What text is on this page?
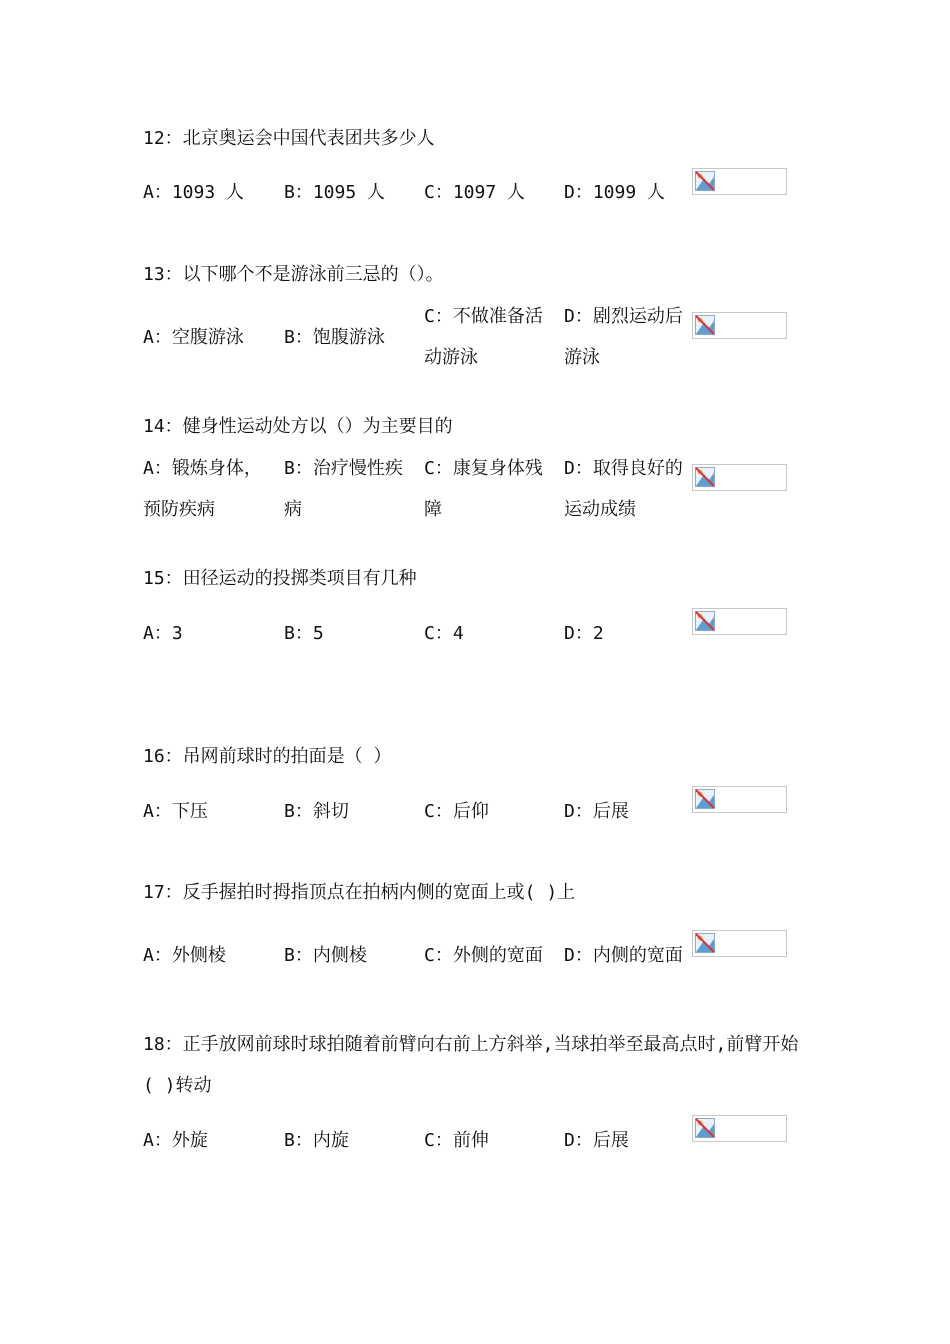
12：北京奥运会中国代表团共多少人
A：1093 人 B：1095 人 C：1097 人 D：1099 人
13：以下哪个不是游泳前三忌的（）。
A：空腹游泳 B：饱腹游泳
C：不做准备活动游泳
D：剧烈运动后游泳
14：健身性运动处方以（）为主要目的
A：锻炼身体，预防疾病
B：治疗慢性疾病
C：康复身体残障
D：取得良好的运动成绩
15：田径运动的投掷类项目有几种
A：3	B：5	C：4	D：2
16：吊网前球时的拍面是（ ）
A：下压	B：斜切	C：后仰	D：后展
17：反手握拍时拇指顶点在拍柄内侧的宽面上或( )上
A：外侧棱	B：内侧棱	C：外侧的宽面 D：内侧的宽面
18：正手放网前球时球拍随着前臂向右前上方斜举,当球拍举至最高点时,前臂开始( )转动
A：外旋	B：内旋	C：前伸	D：后展
